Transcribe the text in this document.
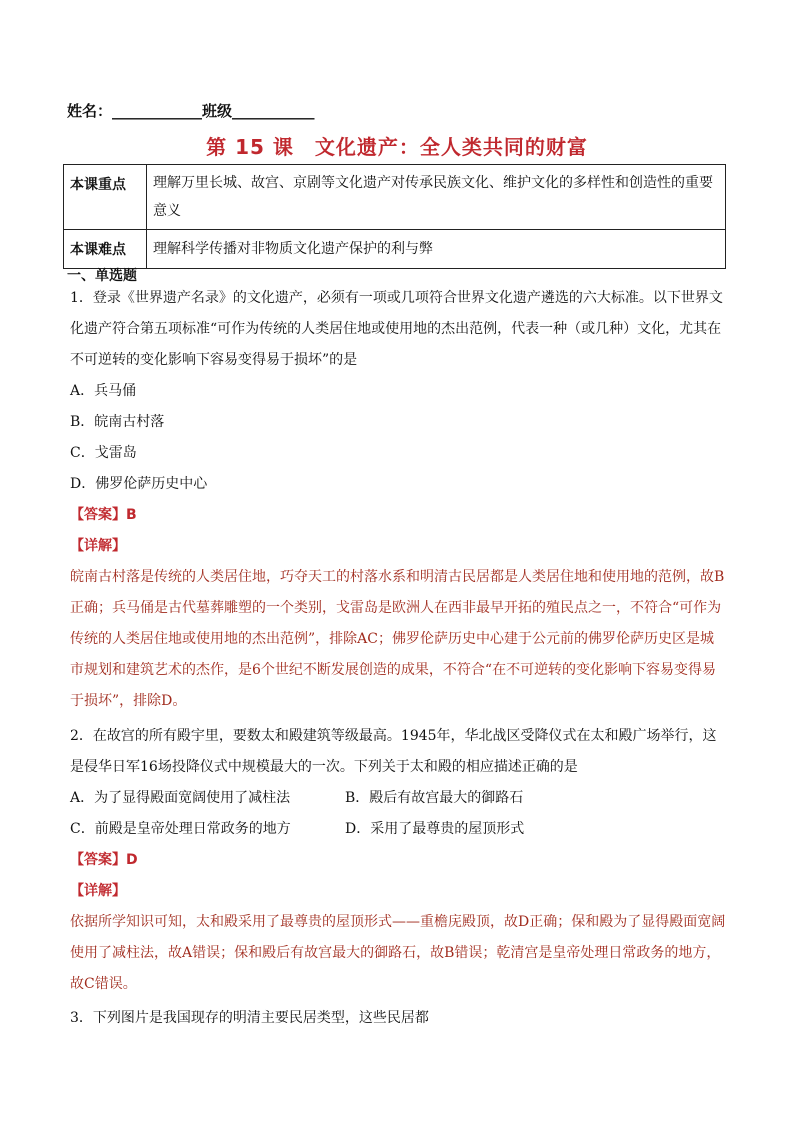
姓名：____________班级___________
第 15 课　文化遗产：全人类共同的财富
本课重点	理解万里长城、故宫、京剧等文化遗产对传承民族文化、维护文化的多样性和创造性的重要意义
本课难点	理解科学传播对非物质文化遗产保护的利与弊
一、单选题

1．登录《世界遗产名录》的文化遗产，必须有一项或几项符合世界文化遗产遴选的六大标准。以下世界文化遗产符合第五项标准“可作为传统的人类居住地或使用地的杰出范例，代表一种（或几种）文化，尤其在不可逆转的变化影响下容易变得易于损坏”的是

A．兵马俑

B．皖南古村落

C．戈雷岛

D．佛罗伦萨历史中心

【答案】B

【详解】

皖南古村落是传统的人类居住地，巧夺天工的村落水系和明清古民居都是人类居住地和使用地的范例，故B正确；兵马俑是古代墓葬雕塑的一个类别，戈雷岛是欧洲人在西非最早开拓的殖民点之一，不符合“可作为传统的人类居住地或使用地的杰出范例”，排除AC；佛罗伦萨历史中心建于公元前的佛罗伦萨历史区是城市规划和建筑艺术的杰作，是6个世纪不断发展创造的成果，不符合“在不可逆转的变化影响下容易变得易于损坏”，排除D。

2．在故宫的所有殿宇里，要数太和殿建筑等级最高。1945年，华北战区受降仪式在太和殿广场举行，这是侵华日军16场投降仪式中规模最大的一次。下列关于太和殿的相应描述正确的是

A．为了显得殿面宽阔使用了减柱法	B．殿后有故宫最大的御路石
C．前殿是皇帝处理日常政务的地方	D．采用了最尊贵的屋顶形式

【答案】D

【详解】

依据所学知识可知，太和殿采用了最尊贵的屋顶形式——重檐庑殿顶，故D正确；保和殿为了显得殿面宽阔使用了减柱法，故A错误；保和殿后有故宫最大的御路石，故B错误；乾清宫是皇帝处理日常政务的地方，故C错误。

3．下列图片是我国现存的明清主要民居类型，这些民居都
